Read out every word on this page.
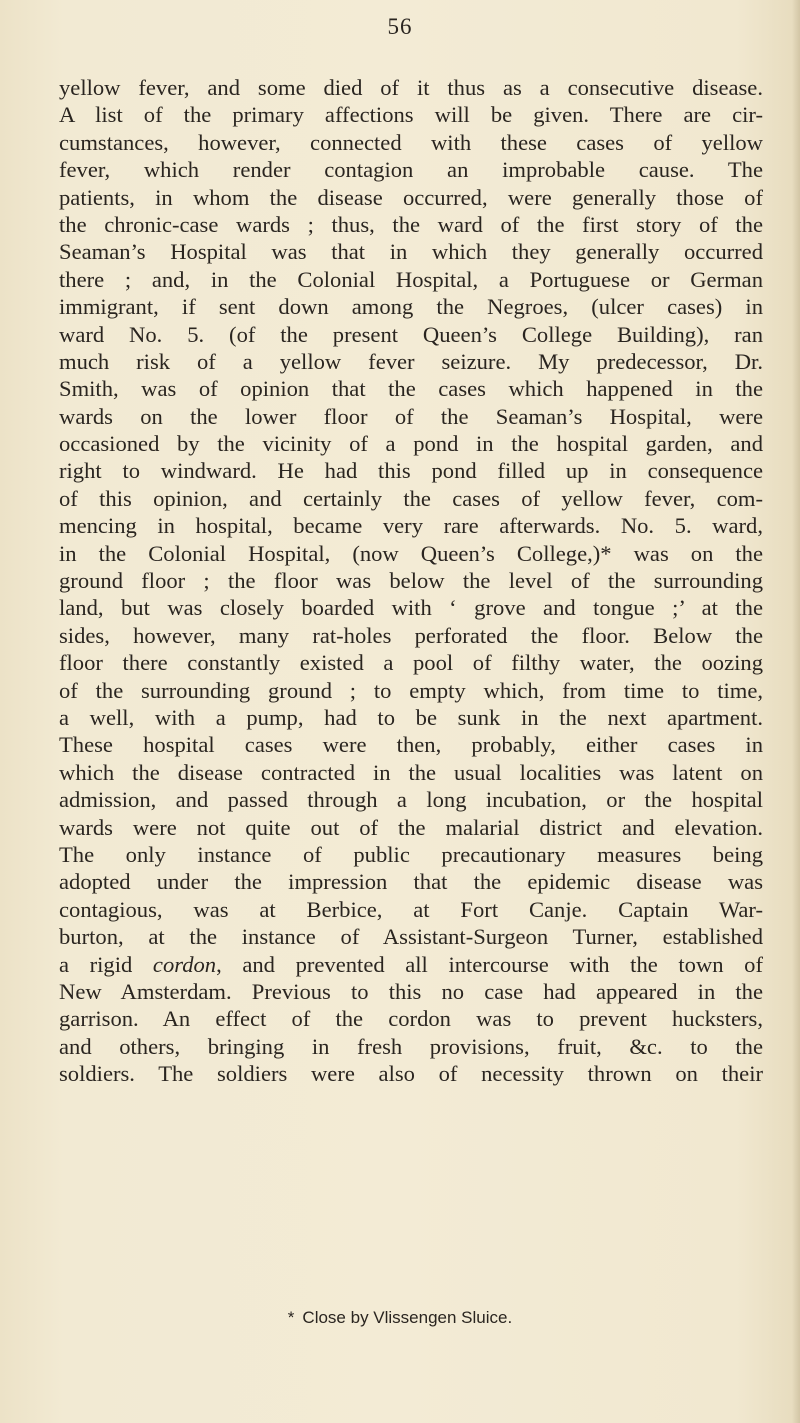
56
yellow fever, and some died of it thus as a consecutive disease.
A list of the primary affections will be given. There are cir-
cumstances, however, connected with these cases of yellow
fever, which render contagion an improbable cause. The
patients, in whom the disease occurred, were generally those of
the chronic-case wards ; thus, the ward of the first story of the
Seaman’s Hospital was that in which they generally occurred
there ; and, in the Colonial Hospital, a Portuguese or German
immigrant, if sent down among the Negroes, (ulcer cases) in
ward No. 5. (of the present Queen’s College Building), ran
much risk of a yellow fever seizure. My predecessor, Dr.
Smith, was of opinion that the cases which happened in the
wards on the lower floor of the Seaman’s Hospital, were
occasioned by the vicinity of a pond in the hospital garden, and
right to windward. He had this pond filled up in consequence
of this opinion, and certainly the cases of yellow fever, com-
mencing in hospital, became very rare afterwards. No. 5. ward,
in the Colonial Hospital, (now Queen’s College,)* was on the
ground floor ; the floor was below the level of the surrounding
land, but was closely boarded with ‘ grove and tongue ;’ at the
sides, however, many rat-holes perforated the floor. Below the
floor there constantly existed a pool of filthy water, the oozing
of the surrounding ground ; to empty which, from time to time,
a well, with a pump, had to be sunk in the next apartment.
These hospital cases were then, probably, either cases in
which the disease contracted in the usual localities was latent on
admission, and passed through a long incubation, or the hospital
wards were not quite out of the malarial district and elevation.
The only instance of public precautionary measures being
adopted under the impression that the epidemic disease was
contagious, was at Berbice, at Fort Canje. Captain War-
burton, at the instance of Assistant-Surgeon Turner, established
a rigid cordon, and prevented all intercourse with the town of
New Amsterdam. Previous to this no case had appeared in the
garrison. An effect of the cordon was to prevent hucksters,
and others, bringing in fresh provisions, fruit, &c. to the
soldiers. The soldiers were also of necessity thrown on their
* Close by Vlissengen Sluice.
